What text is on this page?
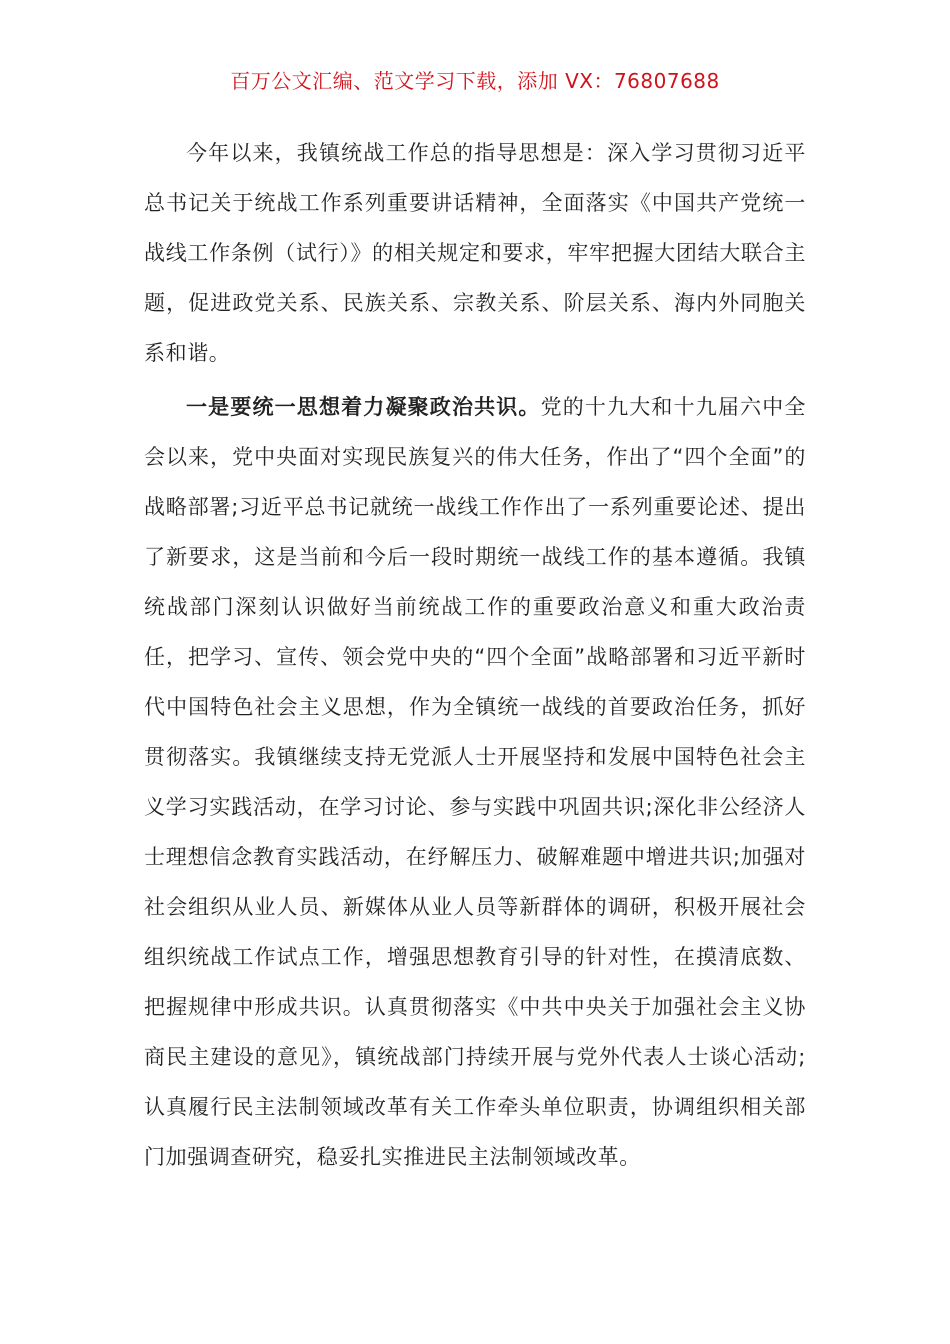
百万公文汇编、范文学习下载，添加 VX：76807688

今年以来，我镇统战工作总的指导思想是：深入学习贯彻习近平总书记关于统战工作系列重要讲话精神，全面落实《中国共产党统一战线工作条例（试行）》的相关规定和要求，牢牢把握大团结大联合主题，促进政党关系、民族关系、宗教关系、阶层关系、海内外同胞关系和谐。

一是要统一思想着力凝聚政治共识。党的十九大和十九届六中全会以来，党中央面对实现民族复兴的伟大任务，作出了“四个全面”的战略部署;习近平总书记就统一战线工作作出了一系列重要论述、提出了新要求，这是当前和今后一段时期统一战线工作的基本遵循。我镇统战部门深刻认识做好当前统战工作的重要政治意义和重大政治责任，把学习、宣传、领会党中央的“四个全面”战略部署和习近平新时代中国特色社会主义思想，作为全镇统一战线的首要政治任务，抓好贯彻落实。我镇继续支持无党派人士开展坚持和发展中国特色社会主义学习实践活动，在学习讨论、参与实践中巩固共识;深化非公经济人士理想信念教育实践活动，在纾解压力、破解难题中增进共识;加强对社会组织从业人员、新媒体从业人员等新群体的调研，积极开展社会组织统战工作试点工作，增强思想教育引导的针对性，在摸清底数、把握规律中形成共识。认真贯彻落实《中共中央关于加强社会主义协商民主建设的意见》，镇统战部门持续开展与党外代表人士谈心活动;认真履行民主法制领域改革有关工作牵头单位职责，协调组织相关部门加强调查研究，稳妥扎实推进民主法制领域改革。
